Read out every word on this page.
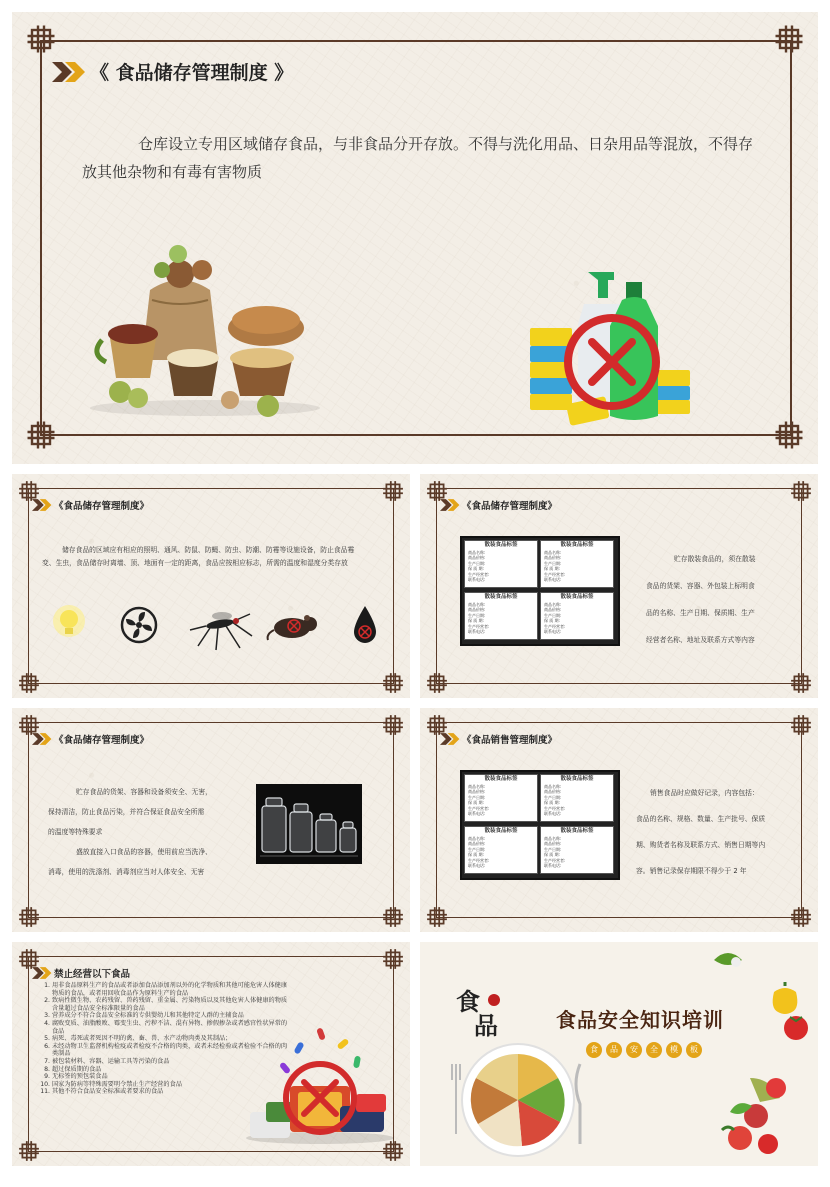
《 食品储存管理制度 》

仓库设立专用区域储存食品，与非食品分开存放。不得与洗化用品、日杂用品等混放，不得存

放其他杂物和有毒有害物质

《食品储存管理制度》

储存食品的区域应有相应的照明、通风、防鼠、防蝇、防虫、防潮、防霉等设施设备，防止食品霉

变、生虫，食品储存时离墙、顶、地面有一定的距离，食品应按相应标志，所需的温度和湿度分类存放

《食品储存管理制度》
散装食品标签
商品名称:
商品价格:
生产日期:
保 质 期:
生产经营者:
联系电话:
散装食品标签
商品名称:
商品价格:
生产日期:
保 质 期:
生产经营者:
联系电话:
散装食品标签
商品名称:
商品价格:
生产日期:
保 质 期:
生产经营者:
联系电话:
散装食品标签
商品名称:
商品价格:
生产日期:
保 质 期:
生产经营者:
联系电话:

贮存散装食品的，须在散装

食品的货架、容器、外包装上标明食

品的名称、生产日期、保质期、生产

经营者名称、地址及联系方式等内容

《食品储存管理制度》

贮存食品的货架、容器和设备须安全、无害，

保持清洁，防止食品污染，并符合保证食品安全所需

的温度等特殊要求

盛放直接入口食品的容器，使用前应当洗净、

消毒，使用的洗涤剂、消毒剂应当对人体安全、无害

《食品销售管理制度》
散装食品标签
商品名称:
商品价格:
生产日期:
保 质 期:
生产经营者:
联系电话:
散装食品标签
商品名称:
商品价格:
生产日期:
保 质 期:
生产经营者:
联系电话:
散装食品标签
商品名称:
商品价格:
生产日期:
保 质 期:
生产经营者:
联系电话:
散装食品标签
商品名称:
商品价格:
生产日期:
保 质 期:
生产经营者:
联系电话:

销售食品时应做好记录，内容包括：

食品的名称、规格、数量、生产批号、保质

期、购货者名称及联系方式、销售日期等内

容。销售记录保存期限不得少于 2 年

禁止经营以下食品
1. 用非食品原料生产的食品或者添加食品添加剂以外的化学物质和其他可能危害人体健康物质的食品，或者用回收食品作为原料生产的食品
2. 致病性微生物、农药残留、兽药残留、重金属、污染物质以及其他危害人体健康的物质含量超过食品安全标准限量的食品
3. 营养成分不符合食品安全标准的专供婴幼儿和其他特定人群的主辅食品
4. 腐败变质、油脂酸败、霉变生虫、污秽不洁、混有异物、掺假掺杂或者感官性状异常的食品
5. 病死、毒死或者死因不明的禽、畜、兽、水产动物肉类及其制品；
6. 未经动物卫生监督机构检疫或者检疫不合格的肉类，或者未经检验或者检验不合格的肉类制品
7. 被包装材料、容器、运输工具等污染的食品
8. 超过保质期的食品
9. 无标签的预包装食品
10. 国家为防病等特殊需要明令禁止生产经营的食品
11. 其他不符合食品安全标准或者要求的食品
食
品	食品安全知识培训
食	品	安	全	模	板
